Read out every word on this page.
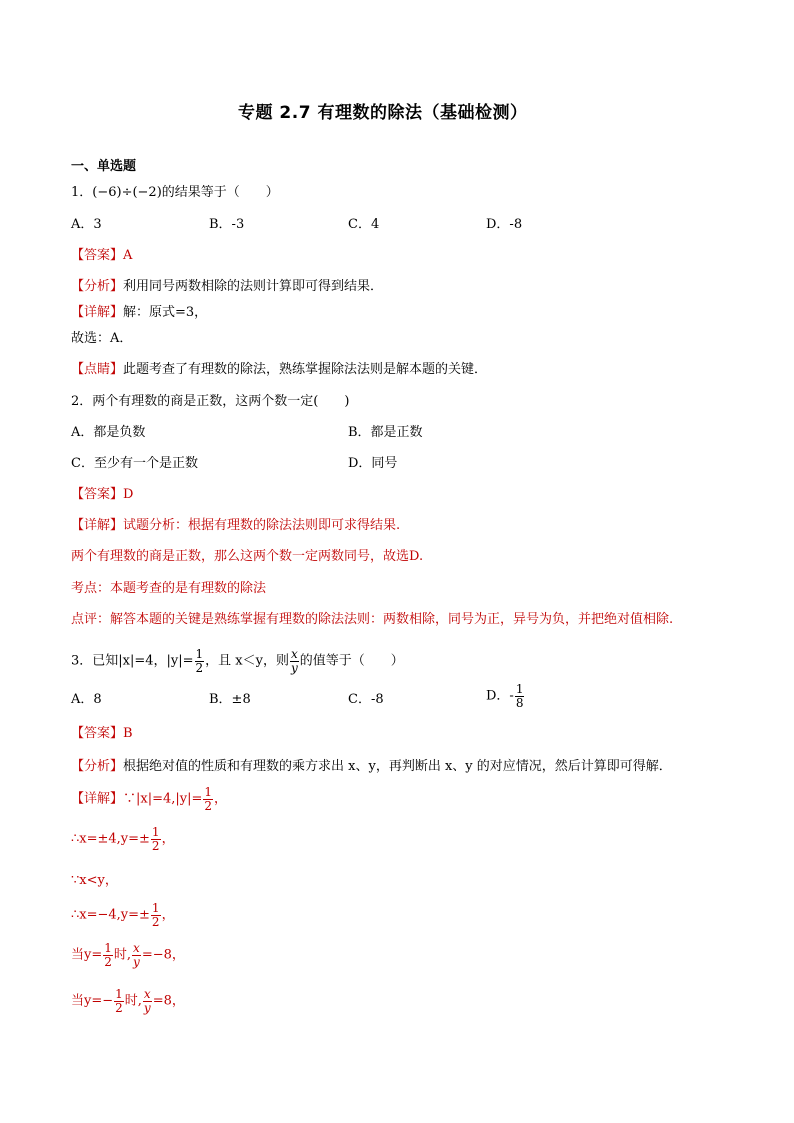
专题 2.7 有理数的除法（基础检测）
一、单选题
1．(−6)÷(−2)的结果等于（　　）
A．3	B．-3	C．4	D．-8
【答案】A
【分析】利用同号两数相除的法则计算即可得到结果．
【详解】解：原式=3，
故选：A．
【点睛】此题考查了有理数的除法，熟练掌握除法法则是解本题的关键．
2．两个有理数的商是正数，这两个数一定(　　)
A．都是负数	B．都是正数
C．至少有一个是正数	D．同号
【答案】D
【详解】试题分析：根据有理数的除法法则即可求得结果.
两个有理数的商是正数，那么这两个数一定两数同号，故选D.
考点：本题考查的是有理数的除法
点评：解答本题的关键是熟练掌握有理数的除法法则：两数相除，同号为正，异号为负，并把绝对值相除.
3．已知|x|=4，$|y|= \frac{1}{2}$ ，且 x＜y，则 $\frac{x}{y}$ 的值等于（　　）
A．8	B．±8	C．-8	D．- $\frac{1}{8}$
【答案】B
【分析】根据绝对值的性质和有理数的乘方求出 x、y，再判断出 x、y 的对应情况，然后计算即可得解．
【详解】∵|x|=4,|y|= $\frac{1}{2}$ ，
∴x=±4,y=± $\frac{1}{2}$ ，
∵x<y，
∴x=−4,y=± $\frac{1}{2}$ ，
当$y= \frac{1}{2}$ 时, $\frac{x}{y} =-8$，
当$y=- \frac{1}{2}$ 时, $\frac{x}{y} =8$，
